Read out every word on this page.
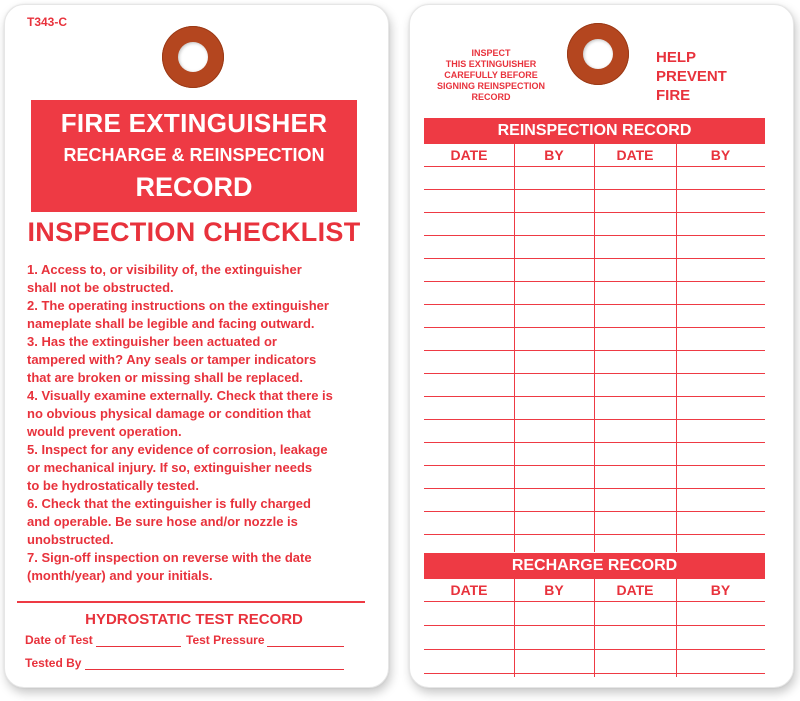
T343-C
FIRE EXTINGUISHER
RECHARGE & REINSPECTION
RECORD
INSPECTION CHECKLIST
1. Access to, or visibility of, the extinguisher
shall not be obstructed.
2. The operating instructions on the extinguisher
nameplate shall be legible and facing outward.
3. Has the extinguisher been actuated or
tampered with? Any seals or tamper indicators
that are broken or missing shall be replaced.
4. Visually examine externally. Check that there is
no obvious physical damage or condition that
would prevent operation.
5. Inspect for any evidence of corrosion, leakage
or mechanical injury. If so, extinguisher needs
to be hydrostatically tested.
6. Check that the extinguisher is fully charged
and operable. Be sure hose and/or nozzle is
unobstructed.
7. Sign-off inspection on reverse with the date
(month/year) and your initials.
HYDROSTATIC TEST RECORD
Date of Test	Test Pressure
Tested By
INSPECT
THIS EXTINGUISHER
CAREFULLY BEFORE
SIGNING REINSPECTION
RECORD
HELP
PREVENT
FIRE
REINSPECTION RECORD
DATE	BY	DATE	BY
RECHARGE RECORD
DATE	BY	DATE	BY
